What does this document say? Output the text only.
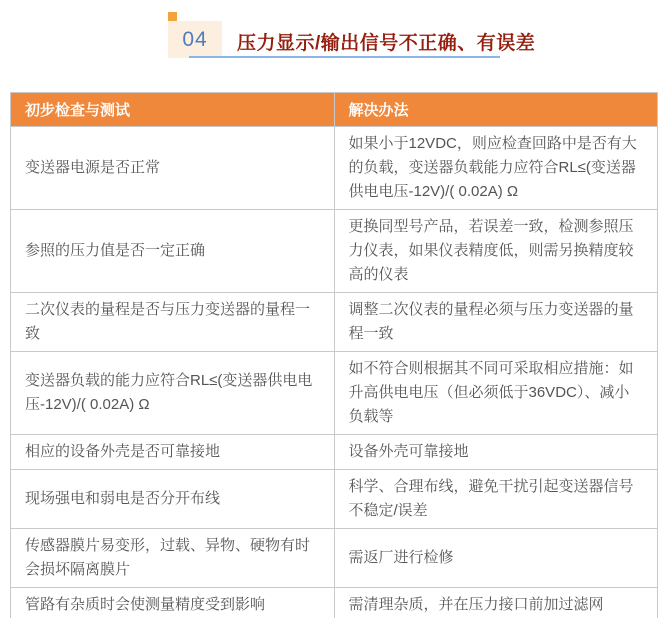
04	压力显示/输出信号不正确、有误差
初步检查与测试	解决办法
变送器电源是否正常	如果小于12VDC，则应检查回路中是否有大的负载，变送器负载能力应符合RL≤(变送器供电电压-12V)/( 0.02A) Ω
参照的压力值是否一定正确	更换同型号产品，若误差一致，检测参照压力仪表，如果仪表精度低，则需另换精度较高的仪表
二次仪表的量程是否与压力变送器的量程一致	调整二次仪表的量程必须与压力变送器的量程一致
变送器负载的能力应符合RL≤(变送器供电电压-12V)/( 0.02A) Ω	如不符合则根据其不同可采取相应措施：如升高供电电压（但必须低于36VDC）、减小负载等
相应的设备外壳是否可靠接地	设备外壳可靠接地
现场强电和弱电是否分开布线	科学、合理布线，避免干扰引起变送器信号不稳定/误差
传感器膜片易变形，过载、异物、硬物有时会损坏隔离膜片	需返厂进行检修
管路有杂质时会使测量精度受到影响	需清理杂质，并在压力接口前加过滤网
